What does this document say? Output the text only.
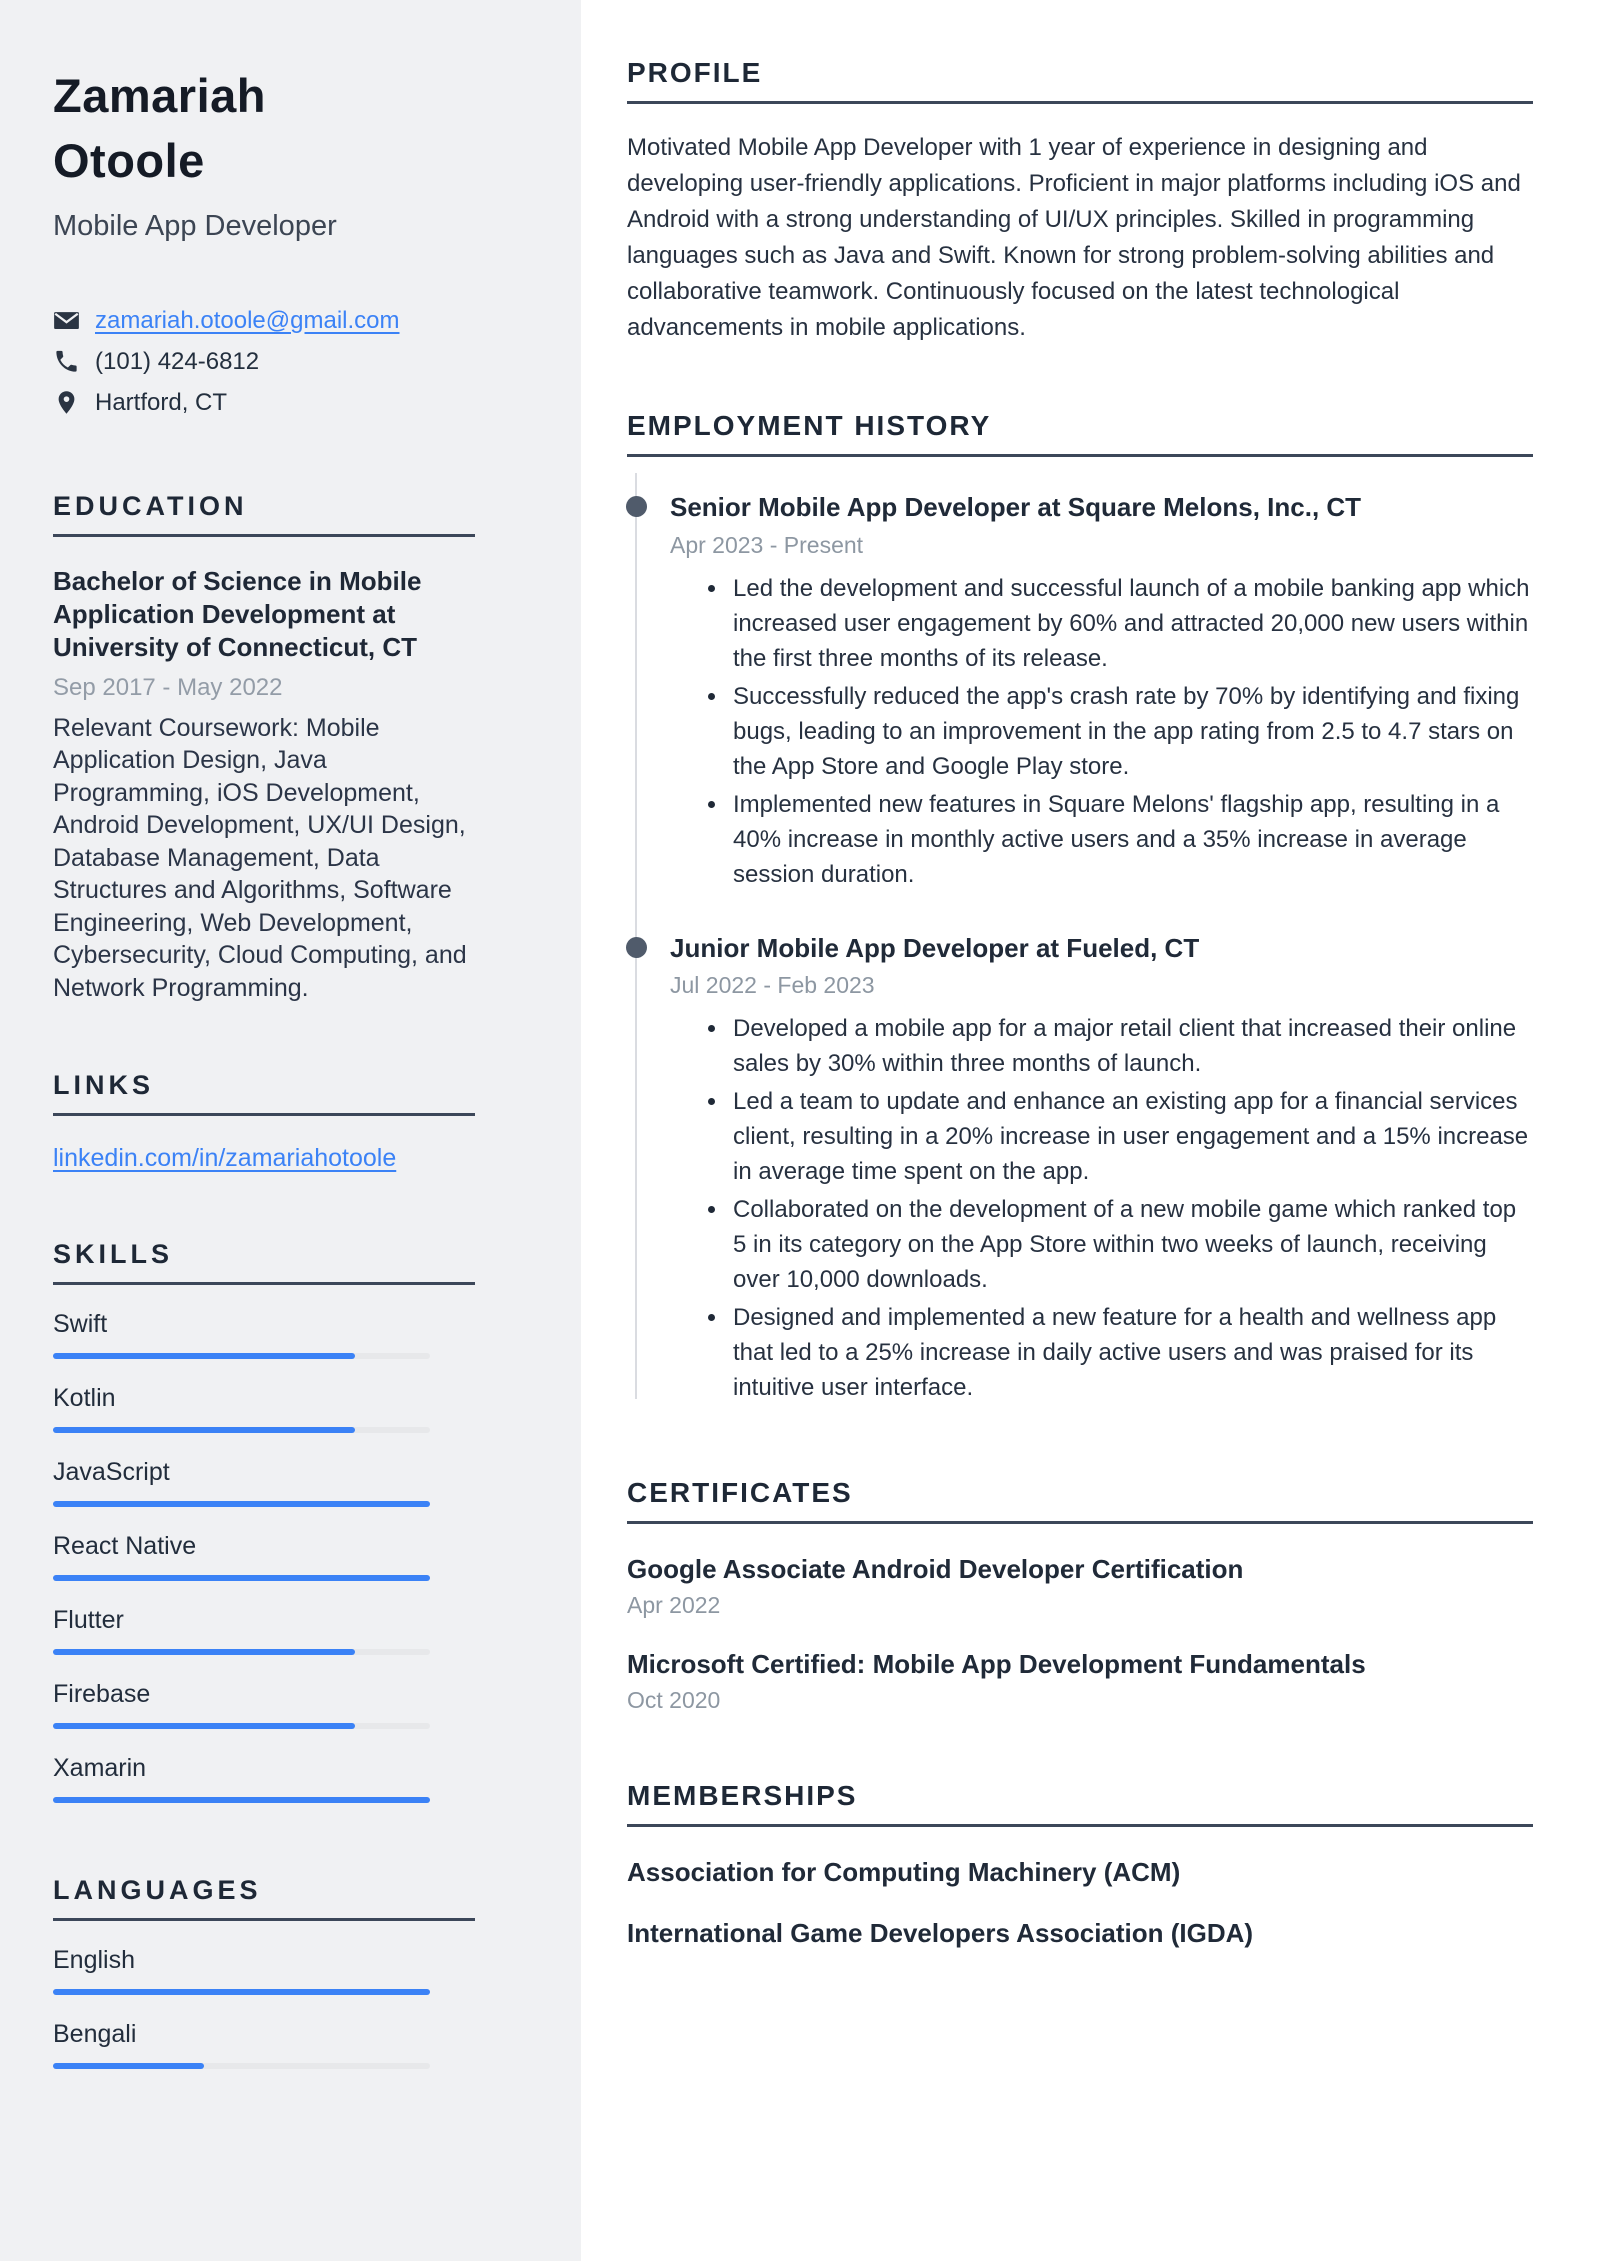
Zamariah Otoole
Mobile App Developer
zamariah.otoole@gmail.com
(101) 424-6812
Hartford, CT
EDUCATION
Bachelor of Science in Mobile Application Development at University of Connecticut, CT
Sep 2017 - May 2022
Relevant Coursework: Mobile Application Design, Java Programming, iOS Development, Android Development, UX/UI Design, Database Management, Data Structures and Algorithms, Software Engineering, Web Development, Cybersecurity, Cloud Computing, and Network Programming.
LINKS
linkedin.com/in/zamariahotoole
SKILLS
Swift
Kotlin
JavaScript
React Native
Flutter
Firebase
Xamarin
LANGUAGES
English
Bengali
PROFILE

Motivated Mobile App Developer with 1 year of experience in designing and developing user-friendly applications. Proficient in major platforms including iOS and Android with a strong understanding of UI/UX principles. Skilled in programming languages such as Java and Swift. Known for strong problem-solving abilities and collaborative teamwork. Continuously focused on the latest technological advancements in mobile applications.

EMPLOYMENT HISTORY
Senior Mobile App Developer at Square Melons, Inc., CT
Apr 2023 - Present
Led the development and successful launch of a mobile banking app which increased user engagement by 60% and attracted 20,000 new users within the first three months of its release.
Successfully reduced the app's crash rate by 70% by identifying and fixing bugs, leading to an improvement in the app rating from 2.5 to 4.7 stars on the App Store and Google Play store.
Implemented new features in Square Melons' flagship app, resulting in a 40% increase in monthly active users and a 35% increase in average session duration.
Junior Mobile App Developer at Fueled, CT
Jul 2022 - Feb 2023
Developed a mobile app for a major retail client that increased their online sales by 30% within three months of launch.
Led a team to update and enhance an existing app for a financial services client, resulting in a 20% increase in user engagement and a 15% increase in average time spent on the app.
Collaborated on the development of a new mobile game which ranked top 5 in its category on the App Store within two weeks of launch, receiving over 10,000 downloads.
Designed and implemented a new feature for a health and wellness app that led to a 25% increase in daily active users and was praised for its intuitive user interface.
CERTIFICATES
Google Associate Android Developer Certification
Apr 2022
Microsoft Certified: Mobile App Development Fundamentals
Oct 2020
MEMBERSHIPS
Association for Computing Machinery (ACM)
International Game Developers Association (IGDA)
